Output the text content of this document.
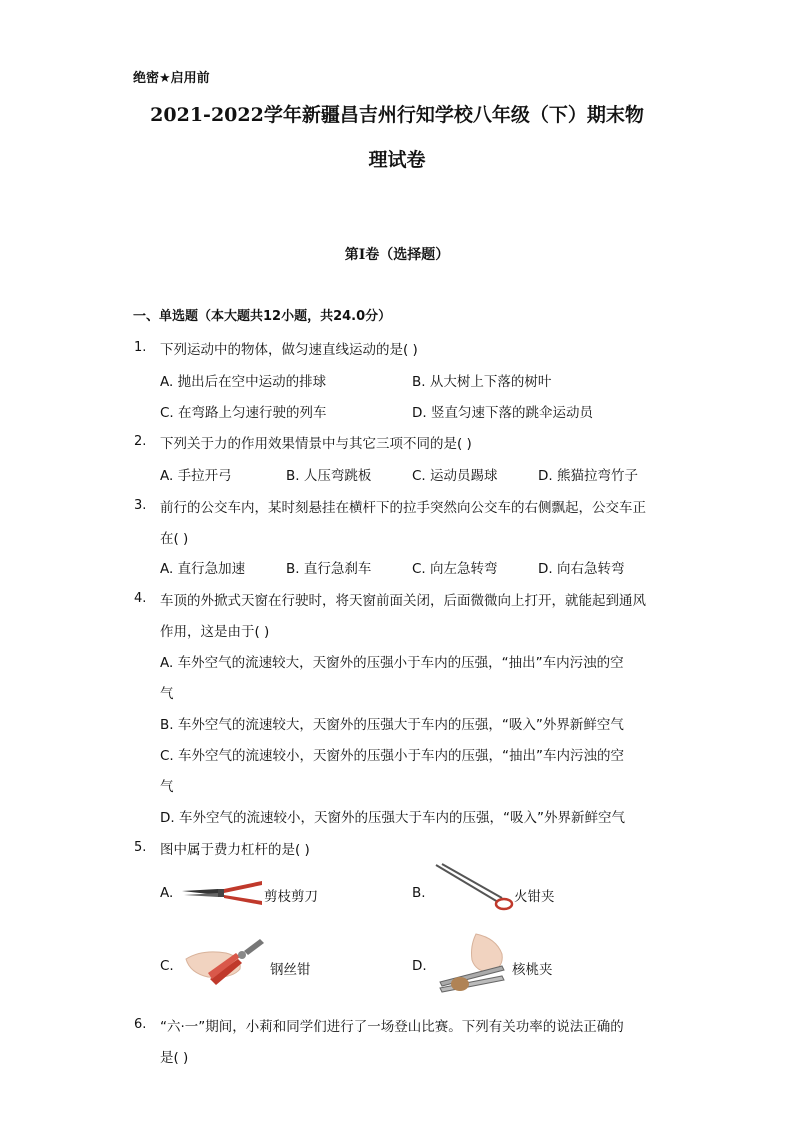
绝密★启用前
2021-2022学年新疆昌吉州行知学校八年级（下）期末物
理试卷
第I卷（选择题）
一、单选题（本大题共12小题，共24.0分）
1. 下列运动中的物体，做匀速直线运动的是( )
A. 抛出后在空中运动的排球	B. 从大树上下落的树叶
C. 在弯路上匀速行驶的列车	D. 竖直匀速下落的跳伞运动员
2. 下列关于力的作用效果情景中与其它三项不同的是( )
A. 手拉开弓	B. 人压弯跳板	C. 运动员踢球	D. 熊猫拉弯竹子
3. 前行的公交车内，某时刻悬挂在横杆下的拉手突然向公交车的右侧飘起，公交车正
在( )
A. 直行急加速	B. 直行急刹车	C. 向左急转弯	D. 向右急转弯
4. 车顶的外掀式天窗在行驶时，将天窗前面关闭，后面微微向上打开，就能起到通风
作用，这是由于( )
A. 车外空气的流速较大，天窗外的压强小于车内的压强，“抽出”车内污浊的空
气
B. 车外空气的流速较大，天窗外的压强大于车内的压强，“吸入”外界新鲜空气
C. 车外空气的流速较小，天窗外的压强小于车内的压强，“抽出”车内污浊的空
气
D. 车外空气的流速较小，天窗外的压强大于车内的压强，“吸入”外界新鲜空气
5. 图中属于费力杠杆的是( )
A.	剪枝剪刀	B.	火钳夹
C.	钢丝钳	D.	核桃夹
6. “六·一”期间，小莉和同学们进行了一场登山比赛。下列有关功率的说法正确的
是( )
